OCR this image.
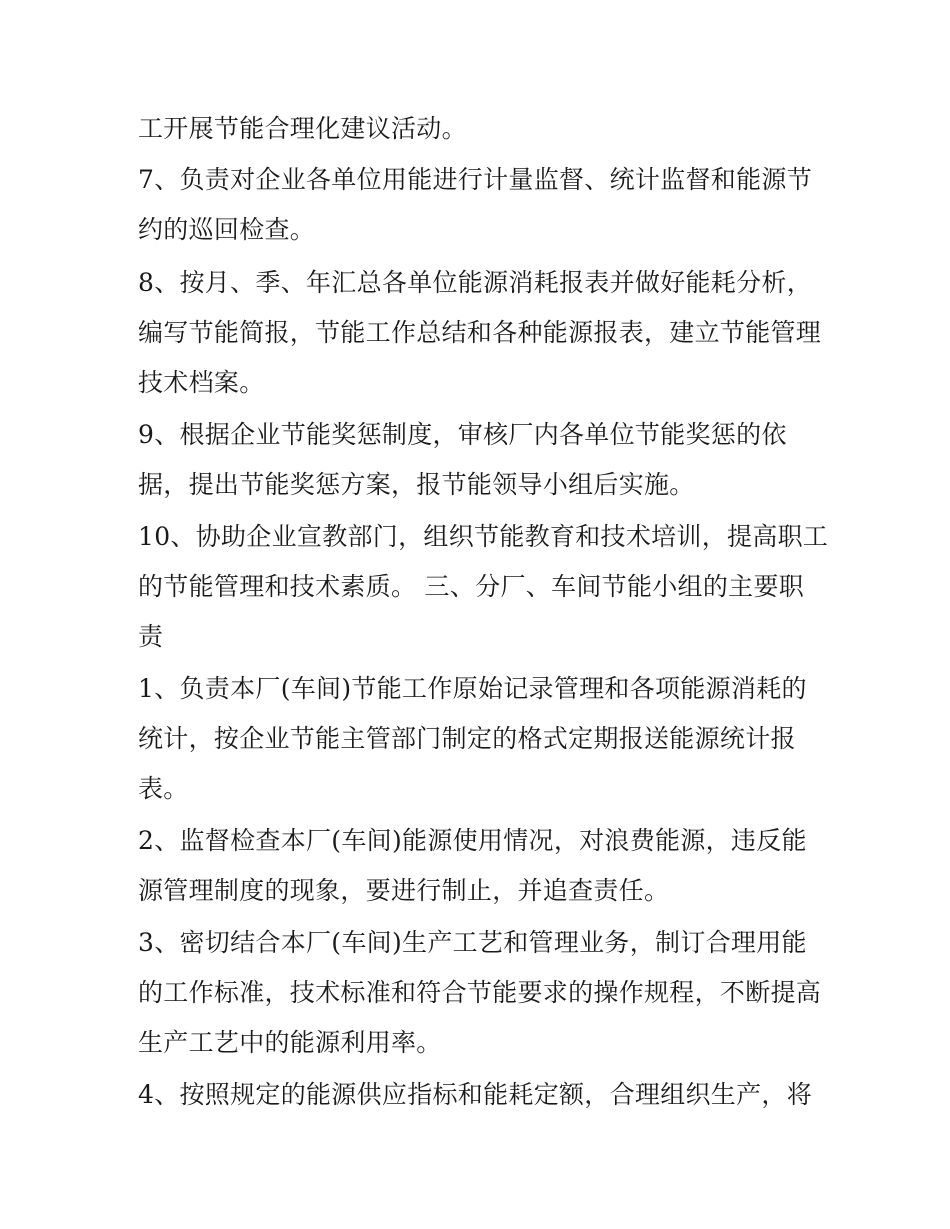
工开展节能合理化建议活动。

7、负责对企业各单位用能进行计量监督、统计监督和能源节

约的巡回检查。

8、按月、季、年汇总各单位能源消耗报表并做好能耗分析，

编写节能简报，节能工作总结和各种能源报表，建立节能管理

技术档案。

9、根据企业节能奖惩制度，审核厂内各单位节能奖惩的依

据，提出节能奖惩方案，报节能领导小组后实施。

10、协助企业宣教部门，组织节能教育和技术培训，提高职工

的节能管理和技术素质。 三、分厂、车间节能小组的主要职

责

1、负责本厂(车间)节能工作原始记录管理和各项能源消耗的

统计，按企业节能主管部门制定的格式定期报送能源统计报

表。

2、监督检查本厂(车间)能源使用情况，对浪费能源，违反能

源管理制度的现象，要进行制止，并追查责任。

3、密切结合本厂(车间)生产工艺和管理业务，制订合理用能

的工作标准，技术标准和符合节能要求的操作规程，不断提高

生产工艺中的能源利用率。

4、按照规定的能源供应指标和能耗定额，合理组织生产，将
